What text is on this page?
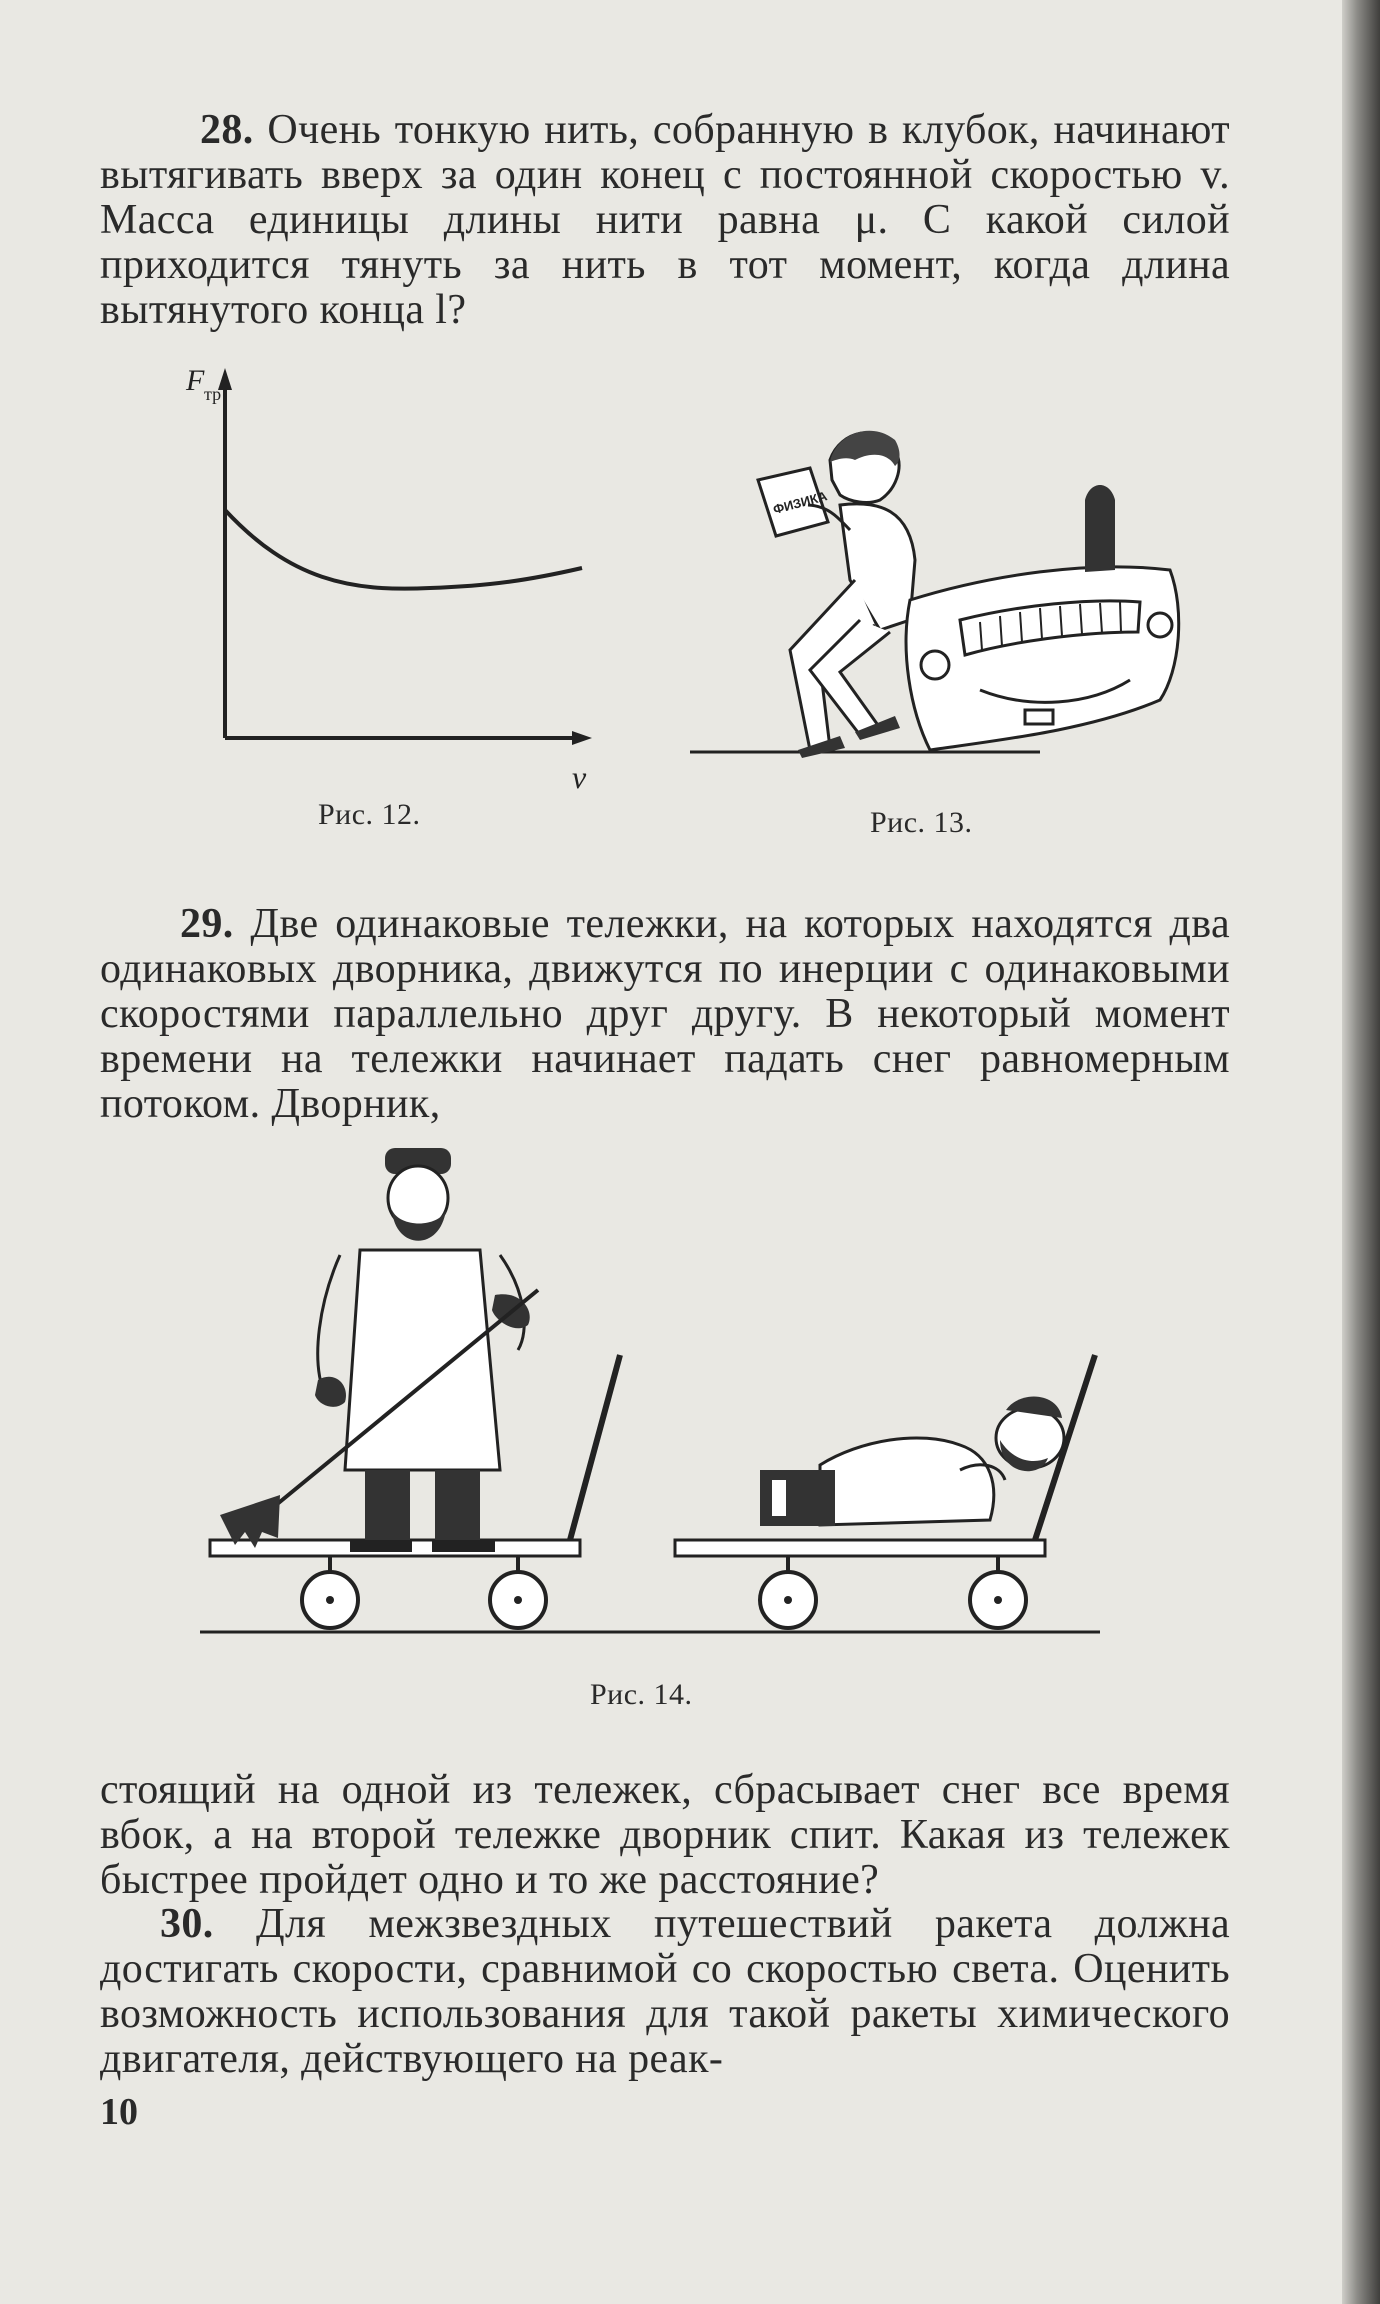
28. Очень тонкую нить, собранную в клубок, начинают вытягивать вверх за один конец с постоянной скоростью v. Масса единицы длины нити равна μ. С какой силой приходится тянуть за нить в тот момент, когда длина вытянутого конца l?

F тр
v
Рис. 12.
ФИЗИКА
Рис. 13.

29. Две одинаковые тележки, на которых находятся два одинаковых дворника, движутся по инерции с одинаковыми скоростями параллельно друг другу. В некоторый момент времени на тележки начинает падать снег равномерным потоком. Дворник,

Рис. 14.

стоящий на одной из тележек, сбрасывает снег все время вбок, а на второй тележке дворник спит. Какая из тележек быстрее пройдет одно и то же расстояние?

30. Для межзвездных путешествий ракета должна достигать скорости, сравнимой со скоростью света. Оценить возможность использования для такой ракеты химического двигателя, действующего на реак-

10
